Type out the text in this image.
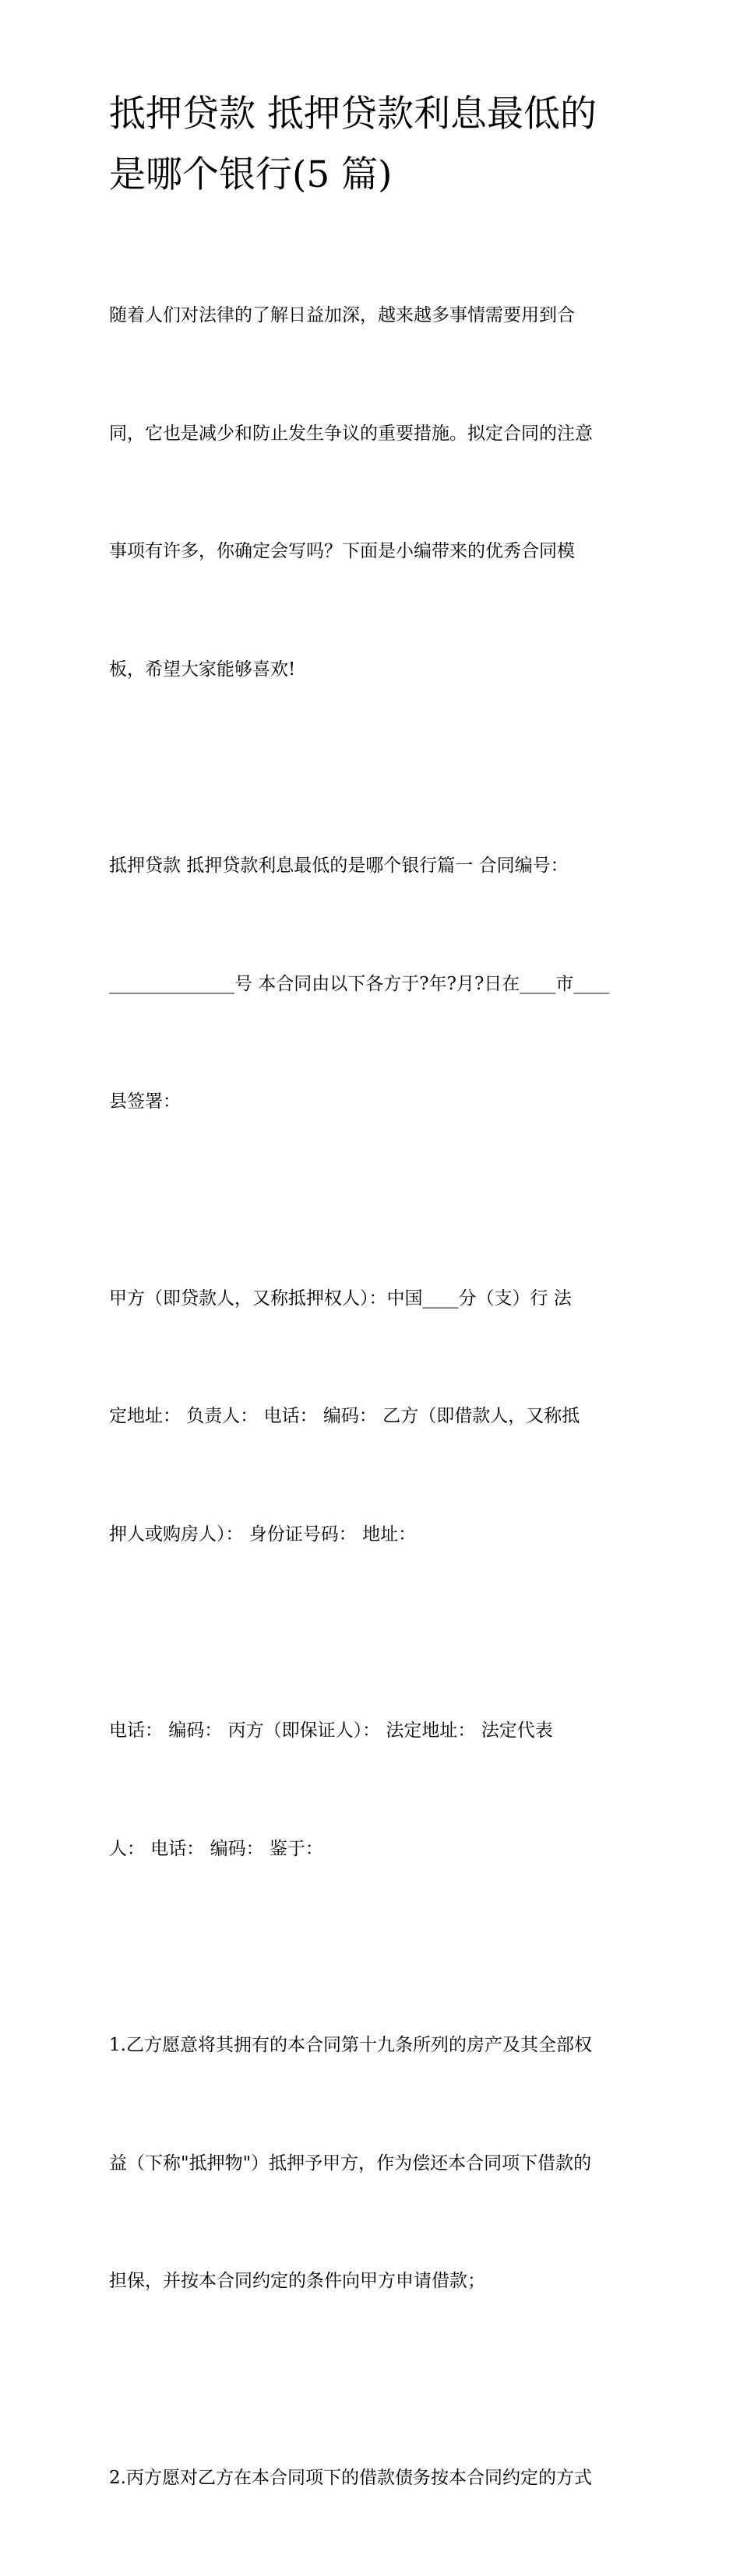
抵押贷款 抵押贷款利息最低的
是哪个银行(5 篇)

随着人们对法律的了解日益加深，越来越多事情需要用到合

同，它也是减少和防止发生争议的重要措施。拟定合同的注意

事项有许多，你确定会写吗？下面是小编带来的优秀合同模

板，希望大家能够喜欢!

抵押贷款 抵押贷款利息最低的是哪个银行篇一 合同编号：

______________号 本合同由以下各方于?年?月?日在____市____

县签署：

甲方（即贷款人，又称抵押权人）：中国____分（支）行 法

定地址： 负责人： 电话： 编码： 乙方（即借款人，又称抵

押人或购房人）： 身份证号码： 地址：

电话： 编码： 丙方（即保证人）： 法定地址： 法定代表

人： 电话： 编码： 鉴于：

1.乙方愿意将其拥有的本合同第十九条所列的房产及其全部权

益（下称"抵押物"）抵押予甲方，作为偿还本合同项下借款的

担保，并按本合同约定的条件向甲方申请借款；

2.丙方愿对乙方在本合同项下的借款债务按本合同约定的方式
